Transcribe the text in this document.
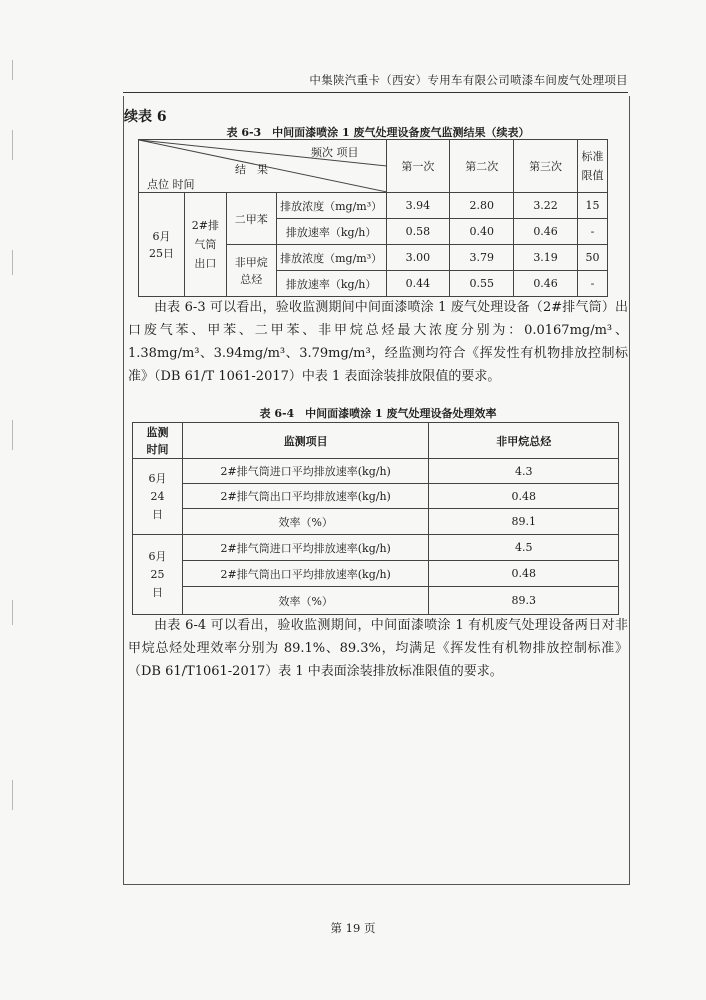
中集陕汽重卡（西安）专用车有限公司喷漆车间废气处理项目
续表 6
表 6-3　中间面漆喷涂 1 废气处理设备废气监测结果（续表）
频次 项目
结　果
点位 时间				第一次	第二次	第三次	标准限值
6月25日	2#排气筒出口	二甲苯	排放浓度（mg/m³）	3.94	2.80	3.22	15
			排放速率（kg/h）	0.58	0.40	0.46	-
		非甲烷总烃	排放浓度（mg/m³）	3.00	3.79	3.19	50
			排放速率（kg/h）	0.44	0.55	0.46	-

由表 6-3 可以看出，验收监测期间中间面漆喷涂 1 废气处理设备（2#排气筒）出口废气苯、甲苯、二甲苯、非甲烷总烃最大浓度分别为：0.0167mg/m³、1.38mg/m³、3.94mg/m³、3.79mg/m³，经监测均符合《挥发性有机物排放控制标准》（DB 61/T 1061-2017）中表 1 表面涂装排放限值的要求。

表 6-4　中间面漆喷涂 1 废气处理设备处理效率
监测时间	监测项目	非甲烷总烃
6月24日	2#排气筒进口平均排放速率(kg/h)	4.3
	2#排气筒出口平均排放速率(kg/h)	0.48
	效率（%）	89.1
6月25日	2#排气筒进口平均排放速率(kg/h)	4.5
	2#排气筒出口平均排放速率(kg/h)	0.48
	效率（%）	89.3

由表 6-4 可以看出，验收监测期间，中间面漆喷涂 1 有机废气处理设备两日对非甲烷总烃处理效率分别为 89.1%、89.3%，均满足《挥发性有机物排放控制标准》（DB 61/T1061-2017）表 1 中表面涂装排放标准限值的要求。

第 19 页
